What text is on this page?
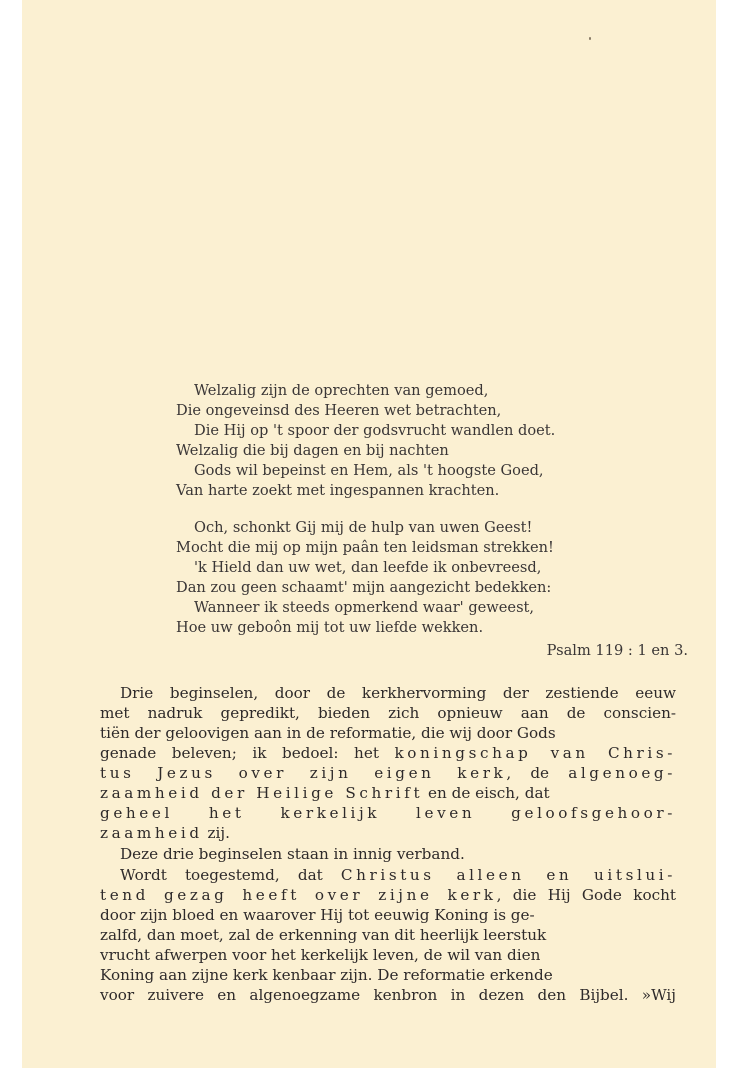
Welzalig zijn de oprechten van gemoed,
Die ongeveinsd des Heeren wet betrachten,
Die Hij op 't spoor der godsvrucht wandlen doet.
Welzalig die bij dagen en bij nachten
Gods wil bepeinst en Hem, als 't hoogste Goed,
Van harte zoekt met ingespannen krachten.
Och, schonkt Gij mij de hulp van uwen Geest!
Mocht die mij op mijn paân ten leidsman strekken!
'k Hield dan uw wet, dan leefde ik onbevreesd,
Dan zou geen schaamt' mijn aangezicht bedekken:
Wanneer ik steeds opmerkend waar' geweest,
Hoe uw geboôn mij tot uw liefde wekken.
Psalm 119 : 1 en 3.
Drie beginselen, door de kerkhervorming der zestiende eeuw
met nadruk gepredikt, bieden zich opnieuw aan de conscien-
tiën der geloovigen aan in de reformatie, die wij door Gods
genade beleven; ik bedoel: het koningschap van Chris-
tus Jezus over zijn eigen kerk, de algenoeg-
zaamheid der Heilige Schrift en de eisch, dat
geheel het kerkelijk leven geloofsgehoor-
zaamheid zij.
Deze drie beginselen staan in innig verband.
Wordt toegestemd, dat Christus alleen en uitslui-
tend gezag heeft over zijne kerk, die Hij Gode kocht
door zijn bloed en waarover Hij tot eeuwig Koning is ge-
zalfd, dan moet, zal de erkenning van dit heerlijk leerstuk
vrucht afwerpen voor het kerkelijk leven, de wil van dien
Koning aan zijne kerk kenbaar zijn. De reformatie erkende
voor zuivere en algenoegzame kenbron in dezen den Bijbel. »Wij
